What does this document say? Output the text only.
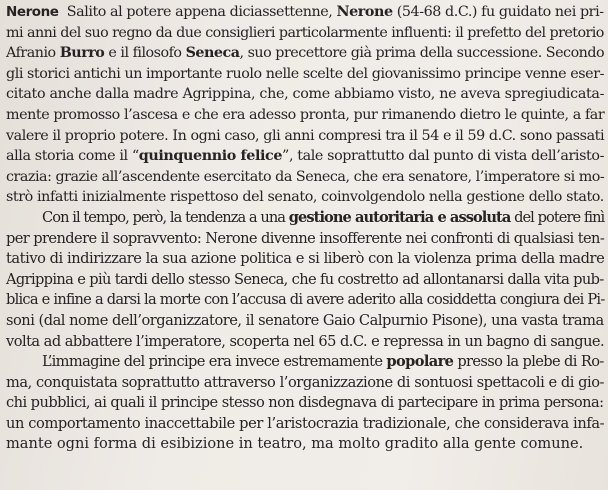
Nerone  Salito al potere appena diciassettenne, Nerone (54-68 d.C.) fu guidato nei pri-
mi anni del suo regno da due consiglieri particolarmente influenti: il prefetto del pretorio
Afranio Burro e il filosofo Seneca, suo precettore già prima della successione. Secondo
gli storici antichi un importante ruolo nelle scelte del giovanissimo principe venne eser-
citato anche dalla madre Agrippina, che, come abbiamo visto, ne aveva spregiudicata-
mente promosso l’ascesa e che era adesso pronta, pur rimanendo dietro le quinte, a far
valere il proprio potere. In ogni caso, gli anni compresi tra il 54 e il 59 d.C. sono passati
alla storia come il “quinquennio felice”, tale soprattutto dal punto di vista dell’aristo-
crazia: grazie all’ascendente esercitato da Seneca, che era senatore, l’imperatore si mo-
strò infatti inizialmente rispettoso del senato, coinvolgendolo nella gestione dello stato.
Con il tempo, però, la tendenza a una gestione autoritaria e assoluta del potere finì
per prendere il sopravvento: Nerone divenne insofferente nei confronti di qualsiasi ten-
tativo di indirizzare la sua azione politica e si liberò con la violenza prima della madre
Agrippina e più tardi dello stesso Seneca, che fu costretto ad allontanarsi dalla vita pub-
blica e infine a darsi la morte con l’accusa di avere aderito alla cosiddetta congiura dei Pi-
soni (dal nome dell’organizzatore, il senatore Gaio Calpurnio Pisone), una vasta trama
volta ad abbattere l’imperatore, scoperta nel 65 d.C. e repressa in un bagno di sangue.
L’immagine del principe era invece estremamente popolare presso la plebe di Ro-
ma, conquistata soprattutto attraverso l’organizzazione di sontuosi spettacoli e di gio-
chi pubblici, ai quali il principe stesso non disdegnava di partecipare in prima persona:
un comportamento inaccettabile per l’aristocrazia tradizionale, che considerava infa-
mante ogni forma di esibizione in teatro, ma molto gradito alla gente comune.
